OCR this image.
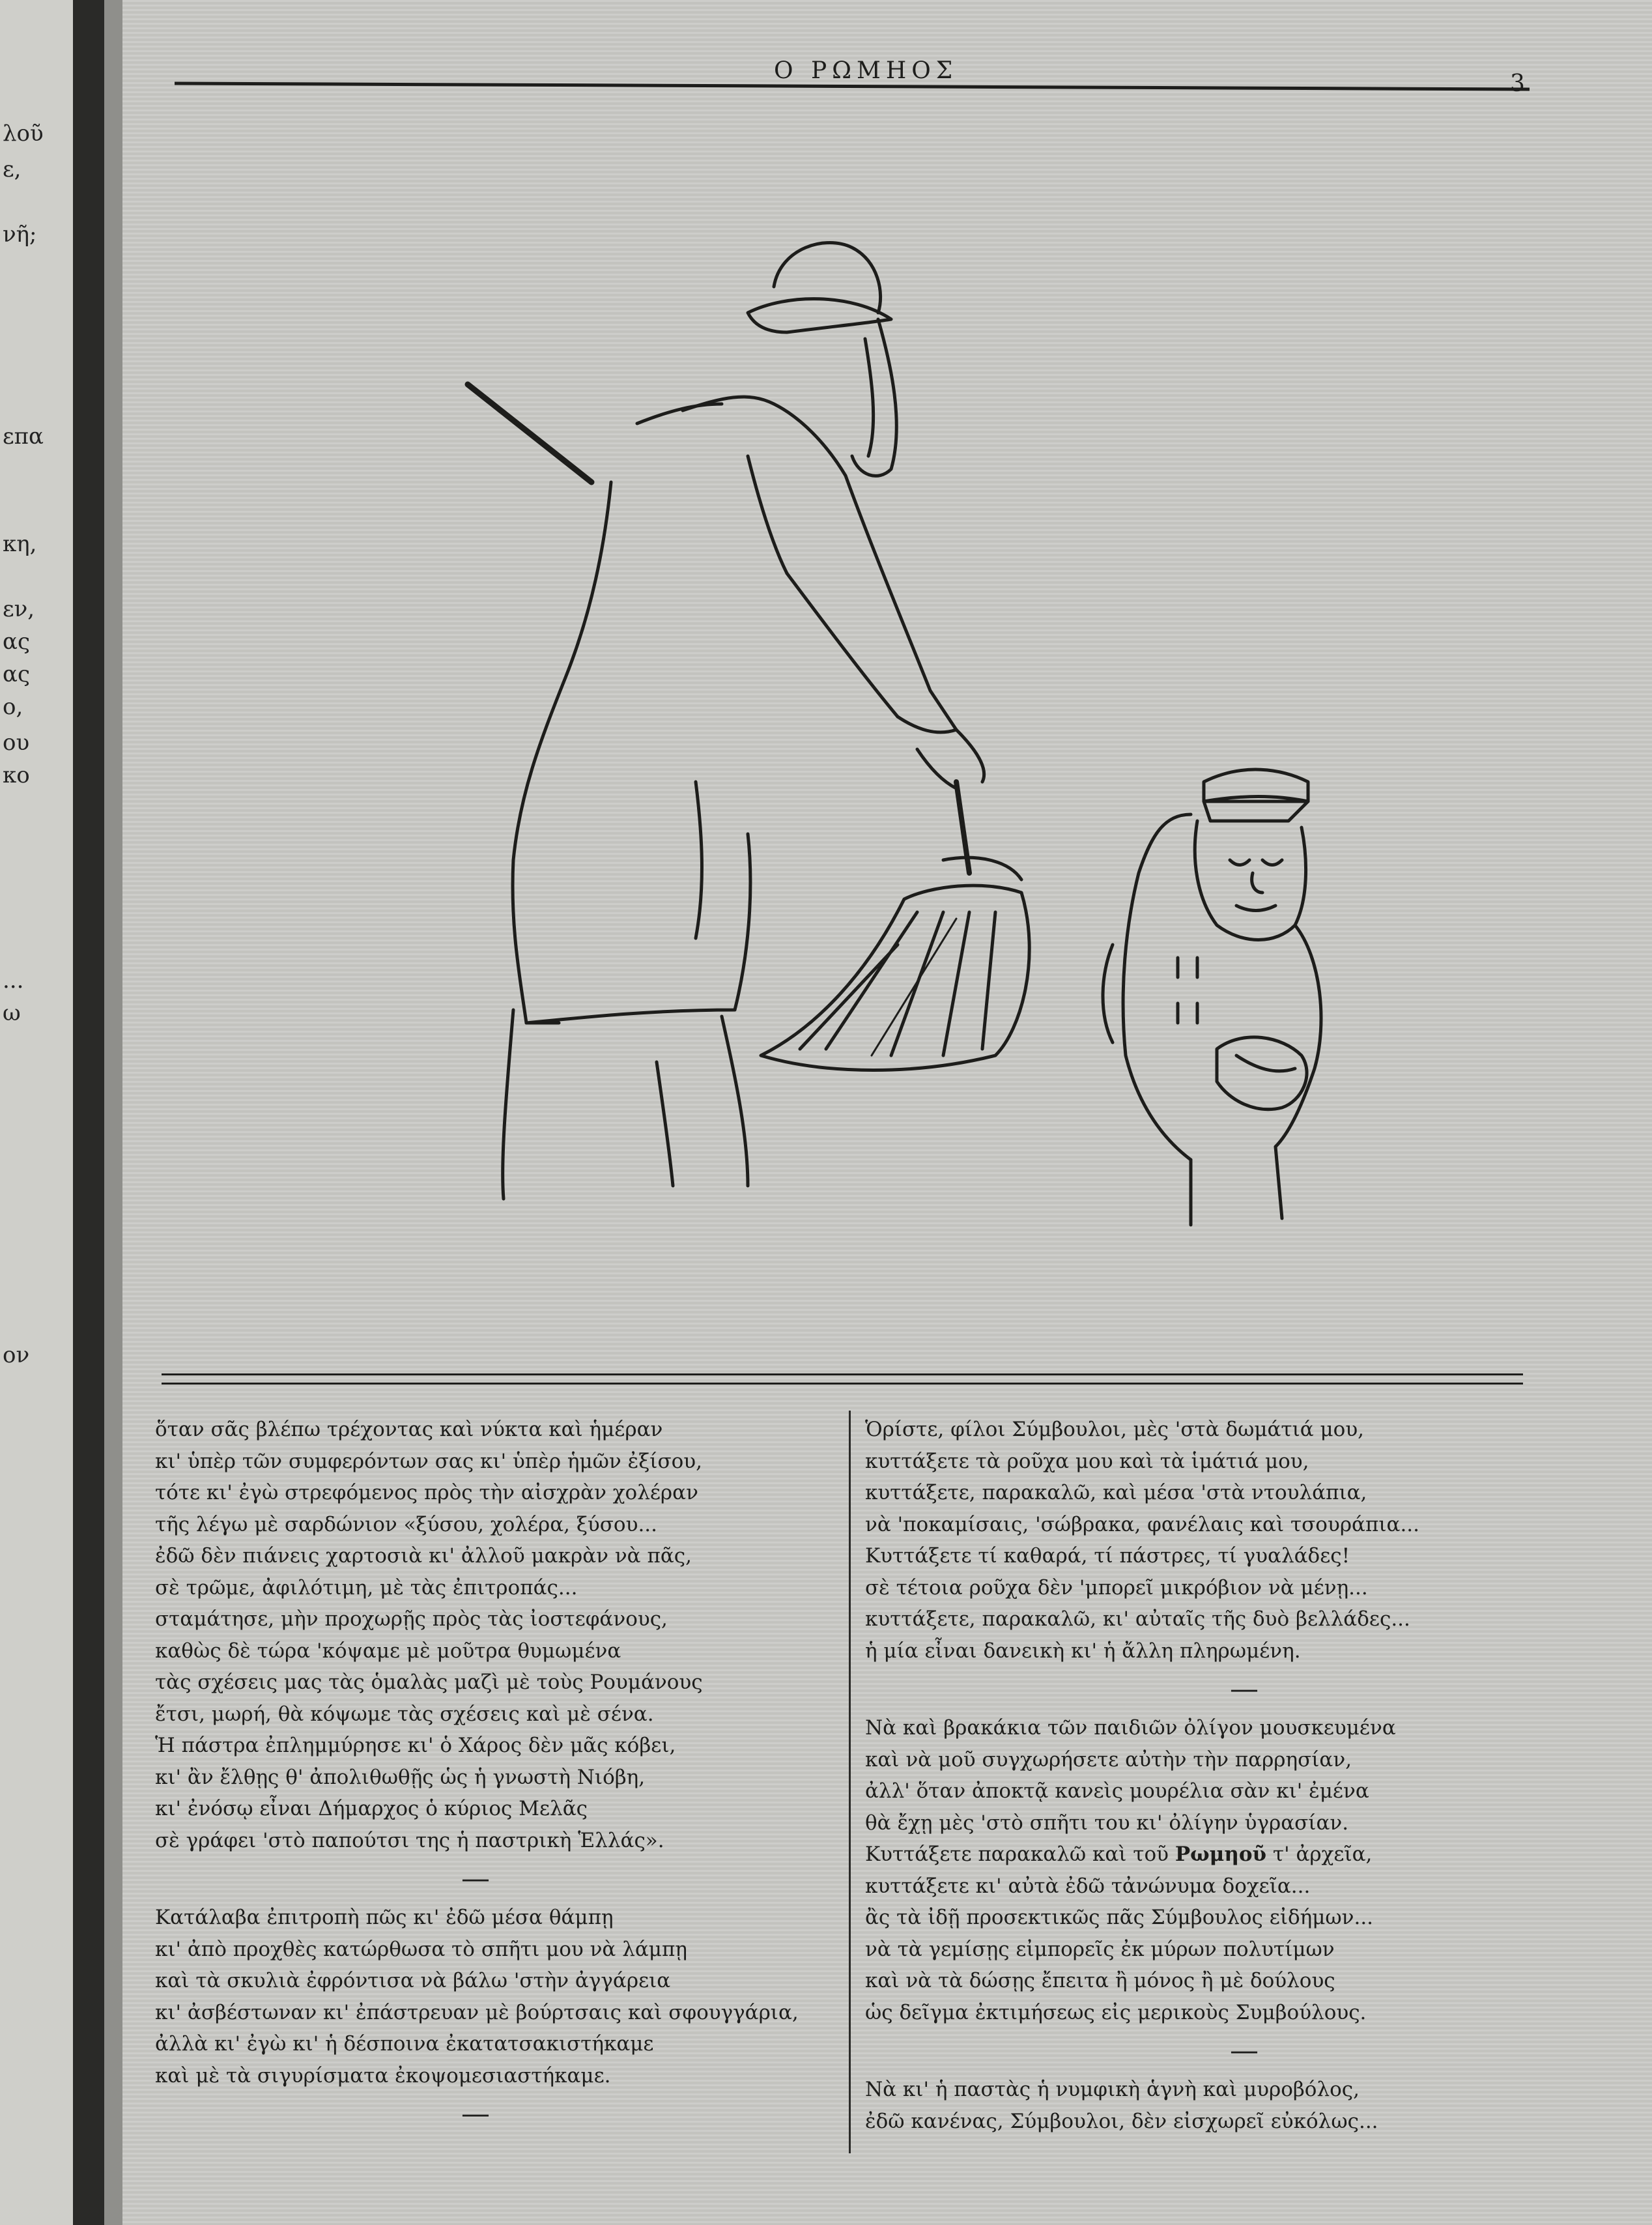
λοῦ
ε,
νῆ;
επα
κη,
εν,
ας
ας
ο,
ου
κο
...
ω
ον
Ο ΡΩΜΗΟΣ	3
ὅταν σᾶς βλέπω τρέχοντας καὶ νύκτα καὶ ἡμέραν
κι' ὑπὲρ τῶν συμφερόντων σας κι' ὑπὲρ ἡμῶν ἐξίσου,
τότε κι' ἐγὼ στρεφόμενος πρὸς τὴν αἰσχρὰν χολέραν
τῆς λέγω μὲ σαρδώνιον «ξύσου, χολέρα, ξύσου...
ἐδῶ δὲν πιάνεις χαρτοσιὰ κι' ἀλλοῦ μακρὰν νὰ πᾶς,
σὲ τρῶμε, ἀφιλότιμη, μὲ τὰς ἐπιτροπάς...
σταμάτησε, μὴν προχωρῇς πρὸς τὰς ἰοστεφάνους,
καθὼς δὲ τώρα 'κόψαμε μὲ μοῦτρα θυμωμένα
τὰς σχέσεις μας τὰς ὁμαλὰς μαζὶ μὲ τοὺς Ρουμάνους
ἔτσι, μωρή, θὰ κόψωμε τὰς σχέσεις καὶ μὲ σένα.
Ἡ πάστρα ἐπλημμύρησε κι' ὁ Χάρος δὲν μᾶς κόβει,
κι' ἂν ἔλθῃς θ' ἀπολιθωθῇς ὡς ἡ γνωστὴ Νιόβη,
κι' ἐνόσῳ εἶναι Δήμαρχος ὁ κύριος Μελᾶς
σὲ γράφει 'στὸ παπούτσι της ἡ παστρικὴ Ἑλλάς».
—
Κατάλαβα ἐπιτροπὴ πῶς κι' ἐδῶ μέσα θάμπῃ
κι' ἀπὸ προχθὲς κατώρθωσα τὸ σπῆτι μου νὰ λάμπῃ
καὶ τὰ σκυλιὰ ἐφρόντισα νὰ βάλω 'στὴν ἀγγάρεια
κι' ἀσβέστωναν κι' ἐπάστρευαν μὲ βούρτσαις καὶ σφουγγάρια,
ἀλλὰ κι' ἐγὼ κι' ἡ δέσποινα ἐκατατσακιστήκαμε
καὶ μὲ τὰ σιγυρίσματα ἐκοψομεσιαστήκαμε.
—
Ὁρίστε, φίλοι Σύμβουλοι, μὲς 'στὰ δωμάτιά μου,
κυττάξετε τὰ ροῦχα μου καὶ τὰ ἱμάτιά μου,
κυττάξετε, παρακαλῶ, καὶ μέσα 'στὰ ντουλάπια,
νὰ 'ποκαμίσαις, 'σώβρακα, φανέλαις καὶ τσουράπια...
Κυττάξετε τί καθαρά, τί πάστρες, τί γυαλάδες!
σὲ τέτοια ροῦχα δὲν 'μπορεῖ μικρόβιον νὰ μένῃ...
κυττάξετε, παρακαλῶ, κι' αὐταῖς τῆς δυὸ βελλάδες...
ἡ μία εἶναι δανεικὴ κι' ἡ ἄλλη πληρωμένη.
—
Νὰ καὶ βρακάκια τῶν παιδιῶν ὀλίγον μουσκευμένα
καὶ νὰ μοῦ συγχωρήσετε αὐτὴν τὴν παρρησίαν,
ἀλλ' ὅταν ἀποκτᾷ κανεὶς μουρέλια σὰν κι' ἐμένα
θὰ ἔχῃ μὲς 'στὸ σπῆτι του κι' ὀλίγην ὑγρασίαν.
Κυττάξετε παρακαλῶ καὶ τοῦ Ρωμηοῦ τ' ἀρχεῖα,
κυττάξετε κι' αὐτὰ ἐδῶ τἀνώνυμα δοχεῖα...
ἂς τὰ ἰδῇ προσεκτικῶς πᾶς Σύμβουλος εἰδήμων...
νὰ τὰ γεμίσῃς εἰμπορεῖς ἐκ μύρων πολυτίμων
καὶ νὰ τὰ δώσῃς ἔπειτα ἢ μόνος ἢ μὲ δούλους
ὡς δεῖγμα ἐκτιμήσεως εἰς μερικοὺς Συμβούλους.
—
Νὰ κι' ἡ παστὰς ἡ νυμφικὴ ἁγνὴ καὶ μυροβόλος,
ἐδῶ κανένας, Σύμβουλοι, δὲν εἰσχωρεῖ εὐκόλως...
